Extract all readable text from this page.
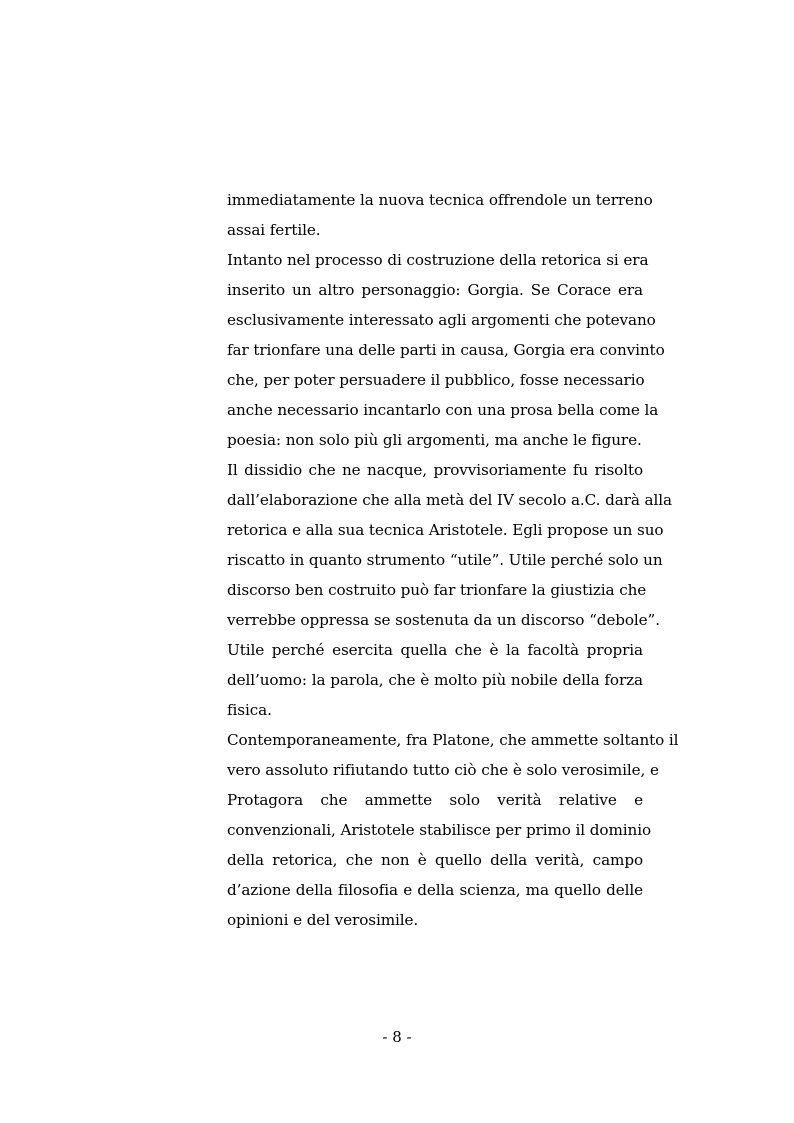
immediatamente la nuova tecnica offrendole un terreno
assai fertile.
Intanto nel processo di costruzione della retorica si era
inserito un altro personaggio: Gorgia. Se Corace era
esclusivamente interessato agli argomenti che potevano
far trionfare una delle parti in causa, Gorgia era convinto
che, per poter persuadere il pubblico, fosse necessario
anche necessario incantarlo con una prosa bella come la
poesia: non solo più gli argomenti, ma anche le figure.
Il dissidio che ne nacque, provvisoriamente fu risolto
dall’elaborazione che alla metà del IV secolo a.C. darà alla
retorica e alla sua tecnica Aristotele. Egli propose un suo
riscatto in quanto strumento “utile”. Utile perché solo un
discorso ben costruito può far trionfare la giustizia che
verrebbe oppressa se sostenuta da un discorso “debole”.
Utile perché esercita quella che è la facoltà propria
dell’uomo: la parola, che è molto più nobile della forza
fisica.
Contemporaneamente, fra Platone, che ammette soltanto il
vero assoluto rifiutando tutto ciò che è solo verosimile, e
Protagora che ammette solo verità relative e
convenzionali, Aristotele stabilisce per primo il dominio
della retorica, che non è quello della verità, campo
d’azione della filosofia e della scienza, ma quello delle
opinioni e del verosimile.
- 8 -
